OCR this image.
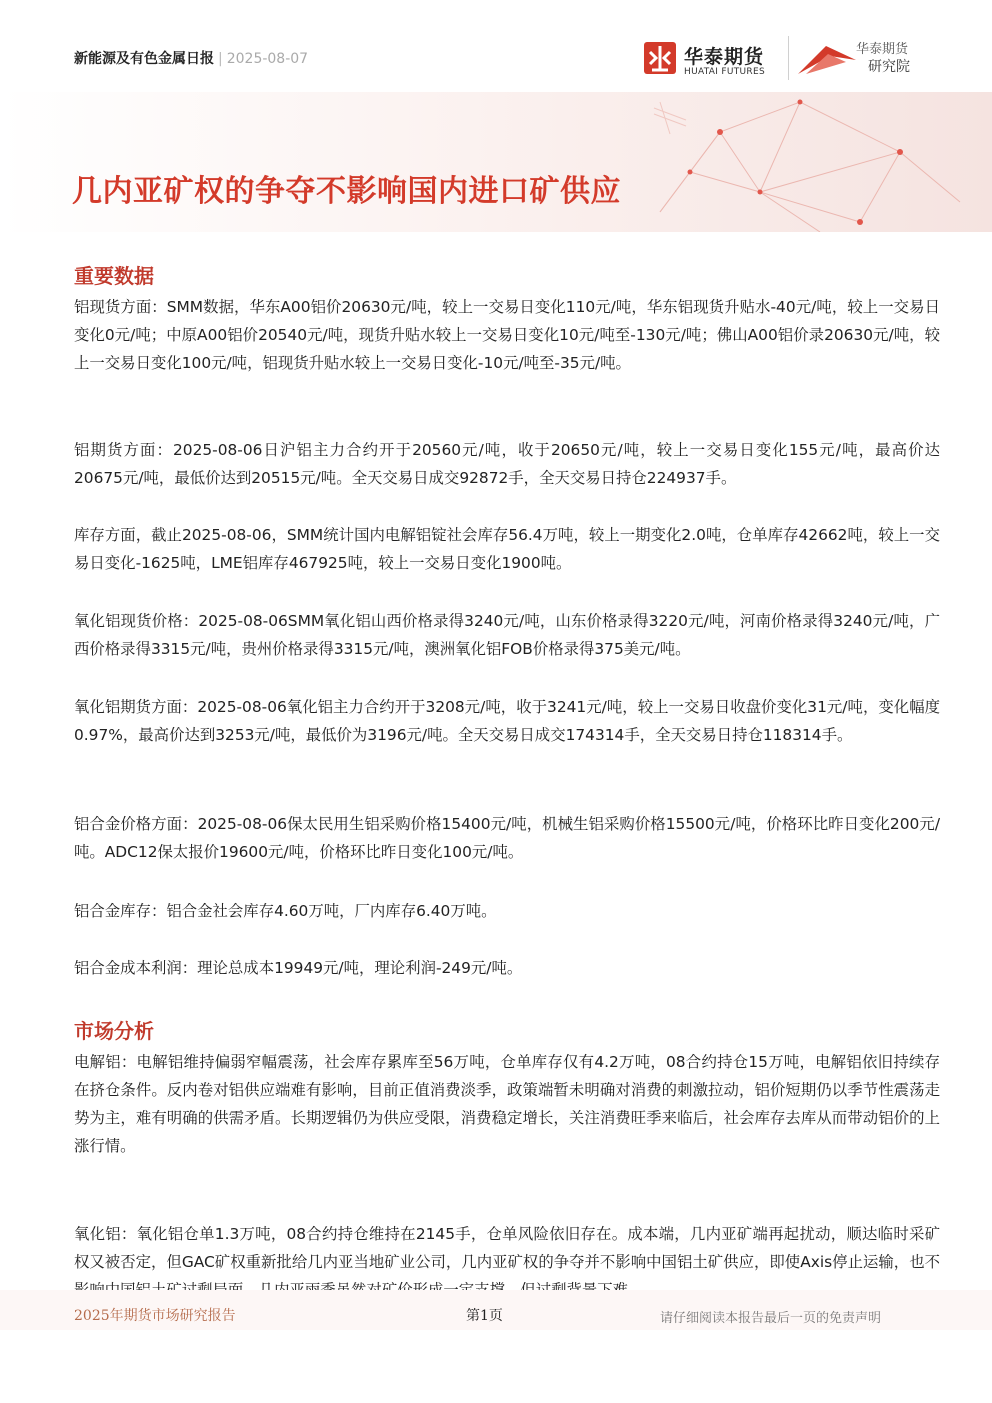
新能源及有色金属日报 | 2025-08-07	华泰期货
HUATAI FUTURES
华泰期货
研究院
几内亚矿权的争夺不影响国内进口矿供应
重要数据
铝现货方面：SMM数据，华东A00铝价20630元/吨，较上一交易日变化110元/吨，华东铝现货升贴水-40元/吨，较上一交易日变化0元/吨；中原A00铝价20540元/吨，现货升贴水较上一交易日变化10元/吨至-130元/吨；佛山A00铝价录20630元/吨，较上一交易日变化100元/吨，铝现货升贴水较上一交易日变化-10元/吨至-35元/吨。
铝期货方面：2025-08-06日沪铝主力合约开于20560元/吨，收于20650元/吨，较上一交易日变化155元/吨，最高价达20675元/吨，最低价达到20515元/吨。全天交易日成交92872手，全天交易日持仓224937手。
库存方面，截止2025-08-06，SMM统计国内电解铝锭社会库存56.4万吨，较上一期变化2.0吨，仓单库存42662吨，较上一交易日变化-1625吨，LME铝库存467925吨，较上一交易日变化1900吨。
氧化铝现货价格：2025-08-06SMM氧化铝山西价格录得3240元/吨，山东价格录得3220元/吨，河南价格录得3240元/吨，广西价格录得3315元/吨，贵州价格录得3315元/吨，澳洲氧化铝FOB价格录得375美元/吨。
氧化铝期货方面：2025-08-06氧化铝主力合约开于3208元/吨，收于3241元/吨，较上一交易日收盘价变化31元/吨，变化幅度0.97%，最高价达到3253元/吨，最低价为3196元/吨。全天交易日成交174314手，全天交易日持仓118314手。
铝合金价格方面：2025-08-06保太民用生铝采购价格15400元/吨，机械生铝采购价格15500元/吨，价格环比昨日变化200元/吨。ADC12保太报价19600元/吨，价格环比昨日变化100元/吨。
铝合金库存：铝合金社会库存4.60万吨，厂内库存6.40万吨。
铝合金成本利润：理论总成本19949元/吨，理论利润-249元/吨。
市场分析
电解铝：电解铝维持偏弱窄幅震荡，社会库存累库至56万吨，仓单库存仅有4.2万吨，08合约持仓15万吨，电解铝依旧持续存在挤仓条件。反内卷对铝供应端难有影响，目前正值消费淡季，政策端暂未明确对消费的刺激拉动，铝价短期仍以季节性震荡走势为主，难有明确的供需矛盾。长期逻辑仍为供应受限，消费稳定增长，关注消费旺季来临后，社会库存去库从而带动铝价的上涨行情。
氧化铝：氧化铝仓单1.3万吨，08合约持仓维持在2145手，仓单风险依旧存在。成本端，几内亚矿端再起扰动，顺达临时采矿权又被否定，但GAC矿权重新批给几内亚当地矿业公司，几内亚矿权的争夺并不影响中国铝土矿供应，即使Axis停止运输，也不
2025年期货市场研究报告	第1页	请仔细阅读本报告最后一页的免责声明
